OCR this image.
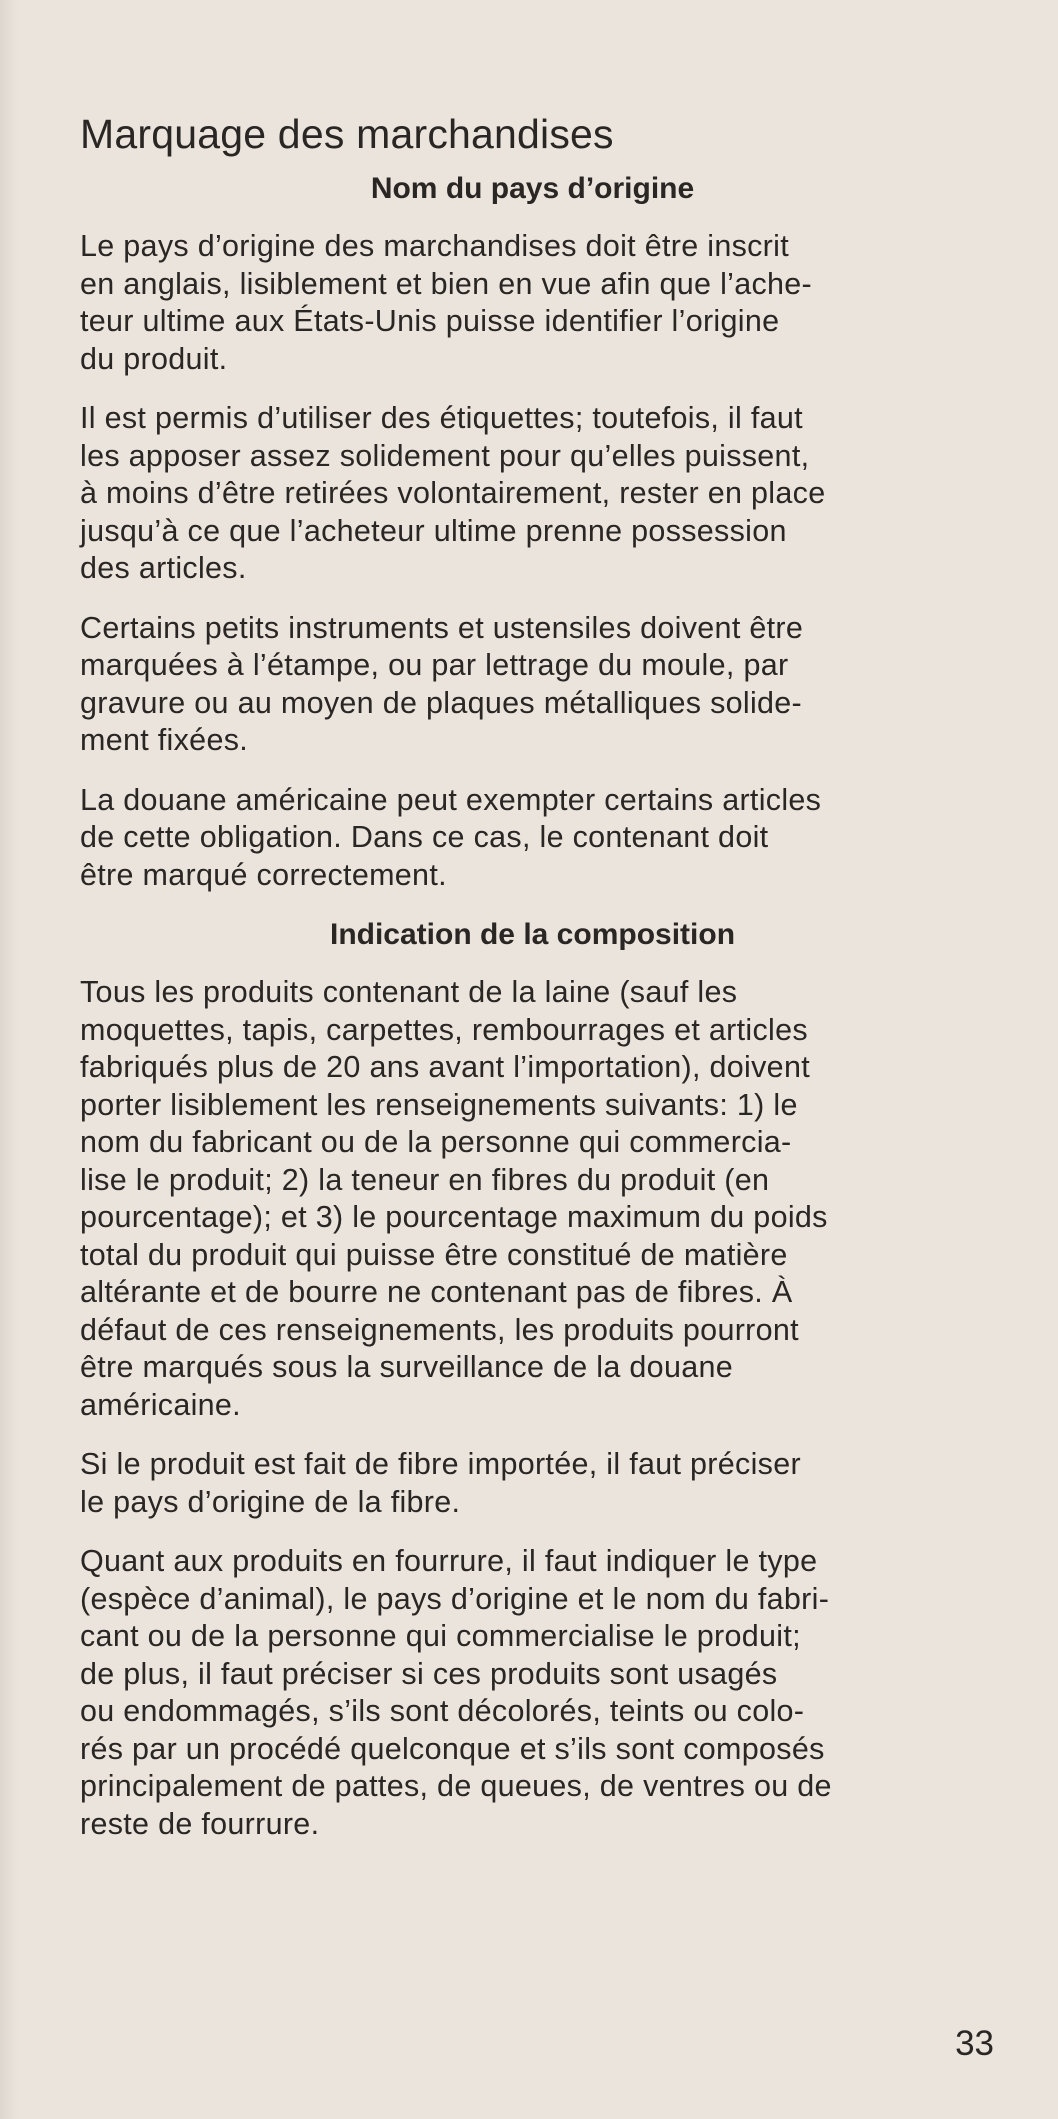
Marquage des marchandises
Nom du pays d’origine

Le pays d’origine des marchandises doit être inscrit
en anglais, lisiblement et bien en vue afin que l’ache-
teur ultime aux États-Unis puisse identifier l’origine
du produit.

Il est permis d’utiliser des étiquettes; toutefois, il faut
les apposer assez solidement pour qu’elles puissent,
à moins d’être retirées volontairement, rester en place
jusqu’à ce que l’acheteur ultime prenne possession
des articles.

Certains petits instruments et ustensiles doivent être
marquées à l’étampe, ou par lettrage du moule, par
gravure ou au moyen de plaques métalliques solide-
ment fixées.

La douane américaine peut exempter certains articles
de cette obligation. Dans ce cas, le contenant doit
être marqué correctement.

Indication de la composition

Tous les produits contenant de la laine (sauf les
moquettes, tapis, carpettes, rembourrages et articles
fabriqués plus de 20 ans avant l’importation), doivent
porter lisiblement les renseignements suivants: 1) le
nom du fabricant ou de la personne qui commercia-
lise le produit; 2) la teneur en fibres du produit (en
pourcentage); et 3) le pourcentage maximum du poids
total du produit qui puisse être constitué de matière
altérante et de bourre ne contenant pas de fibres. À
défaut de ces renseignements, les produits pourront
être marqués sous la surveillance de la douane
américaine.

Si le produit est fait de fibre importée, il faut préciser
le pays d’origine de la fibre.

Quant aux produits en fourrure, il faut indiquer le type
(espèce d’animal), le pays d’origine et le nom du fabri-
cant ou de la personne qui commercialise le produit;
de plus, il faut préciser si ces produits sont usagés
ou endommagés, s’ils sont décolorés, teints ou colo-
rés par un procédé quelconque et s’ils sont composés
principalement de pattes, de queues, de ventres ou de
reste de fourrure.

33
